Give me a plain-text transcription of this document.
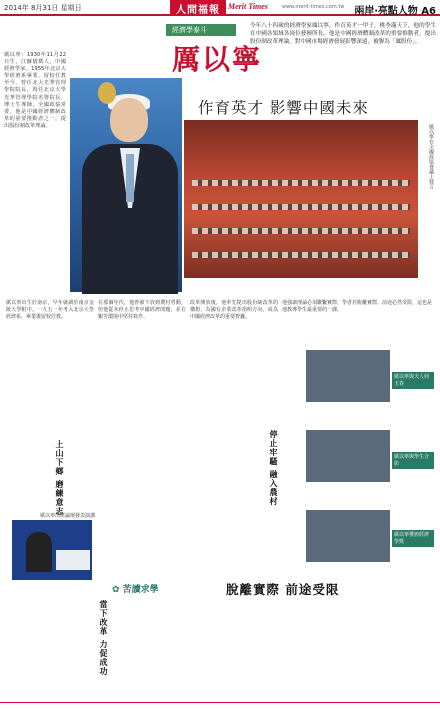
2014年 8月31日 星期日	人間福報	Merit Times	www.merit-times.com.tw 兩岸‧亮點人物 A6
厲以寧：1930年11月22日生，江蘇儀徵人，中國經濟學家。1955年北京大學經濟系畢業，留校任教至今。曾任北大光華管理學院院長，現任北京大學光華管理學院名譽院長、博士生導師，全國政協常委。他是中國經濟體制改革的重要推動者之一，提出股份制改革理論。
經濟學泰斗
厲以寧
作育英才 影響中國未來
今年八十四歲的經濟學家厲以寧，作育英才一甲子，桃李滿天下，他的學生在中國各領域各崗位發揮所長。他是中國經濟體制改革的重要推動者，提出股份制改革理論，對中國市場經濟發展影響深遠，被譽為「厲股份」。
厲以寧在全國政協會議上發言
厲以寧出生於南京，早年就讀於南京金陵大學附中。一九五一年考入北京大學經濟系，畢業後留校任教。
在那個年代，他曾被下放到農村勞動，但他從未停止思考中國經濟問題，並在艱苦環境中堅持寫作。
改革開放後，他率先提出股份制改革的構想，為國有企業改革指明方向，成為中國經濟改革的重要智囊。
他強調理論必須聯繫實際，學者若脫離實際，前途必然受限，這也是他教導學生最重要的一課。
上山下鄉 磨練意志	停止牢騷 融入農村
當下改革 力促成功
厲以寧出席論壇發表演講
厲以寧與夫人何玉春
厲以寧與學生合影
厲以寧獲頒經濟學獎
✿ 苦讀求學	脫離實際 前途受限
